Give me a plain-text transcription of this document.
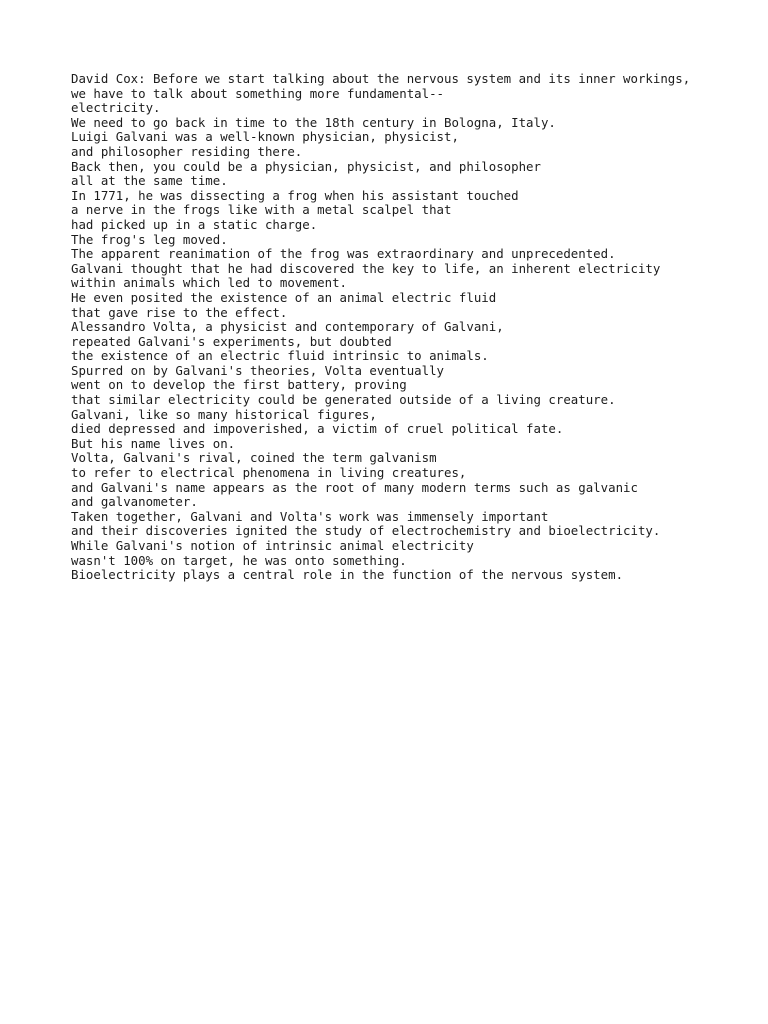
David Cox: Before we start talking about the nervous system and its inner workings,
we have to talk about something more fundamental--
electricity.
We need to go back in time to the 18th century in Bologna, Italy.
Luigi Galvani was a well-known physician, physicist,
and philosopher residing there.
Back then, you could be a physician, physicist, and philosopher
all at the same time.
In 1771, he was dissecting a frog when his assistant touched
a nerve in the frogs like with a metal scalpel that
had picked up in a static charge.
The frog's leg moved.
The apparent reanimation of the frog was extraordinary and unprecedented.
Galvani thought that he had discovered the key to life, an inherent electricity
within animals which led to movement.
He even posited the existence of an animal electric fluid
that gave rise to the effect.
Alessandro Volta, a physicist and contemporary of Galvani,
repeated Galvani's experiments, but doubted
the existence of an electric fluid intrinsic to animals.
Spurred on by Galvani's theories, Volta eventually
went on to develop the first battery, proving
that similar electricity could be generated outside of a living creature.
Galvani, like so many historical figures,
died depressed and impoverished, a victim of cruel political fate.
But his name lives on.
Volta, Galvani's rival, coined the term galvanism
to refer to electrical phenomena in living creatures,
and Galvani's name appears as the root of many modern terms such as galvanic
and galvanometer.
Taken together, Galvani and Volta's work was immensely important
and their discoveries ignited the study of electrochemistry and bioelectricity.
While Galvani's notion of intrinsic animal electricity
wasn't 100% on target, he was onto something.
Bioelectricity plays a central role in the function of the nervous system.
